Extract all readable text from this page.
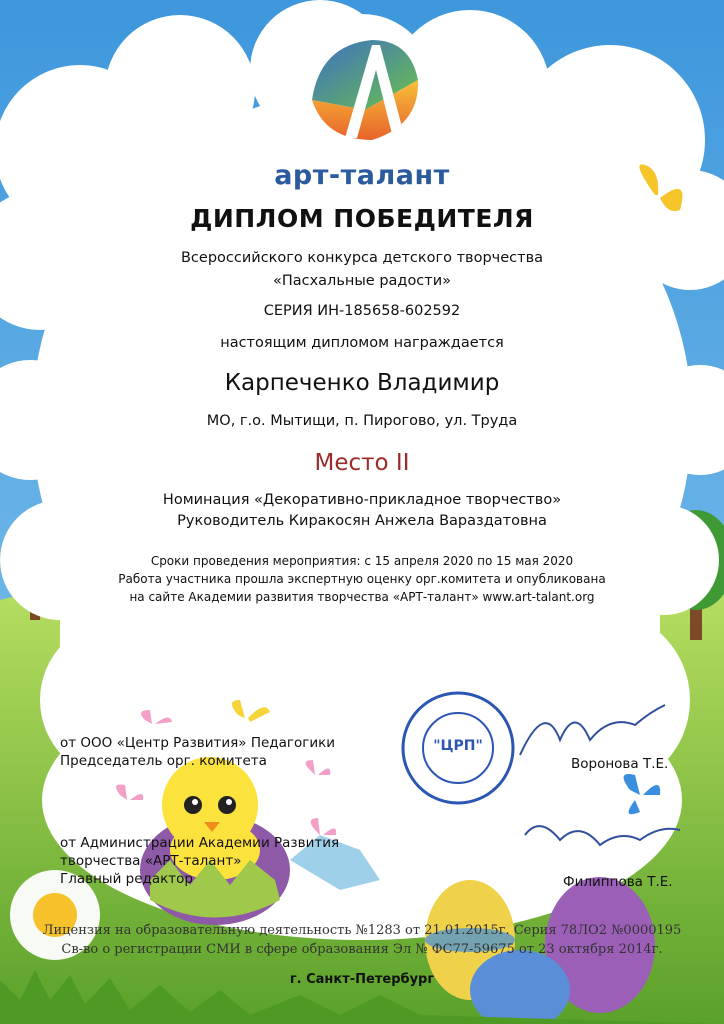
арт-талант
ДИПЛОМ ПОБЕДИТЕЛЯ
Всероссийского конкурса детского творчества
«Пасхальные радости»
СЕРИЯ ИН-185658-602592
настоящим дипломом награждается
Карпеченко Владимир
МО, г.о. Мытищи, п. Пирогово, ул. Труда
Место II
Номинация «Декоративно-прикладное творчество»
Руководитель Киракосян Анжела Вараздатовна
Сроки проведения мероприятия: с 15 апреля 2020 по 15 мая 2020
Работа участника прошла экспертную оценку орг.комитета и опубликована
на сайте Академии развития творчества «АРТ-талант» www.art-talant.org
от ООО «Центр Развития» Педагогики
Председатель орг. комитета	Воронова Т.Е.
"ЦРП"
от Администрации Академии Развития
творчества «АРТ-талант»
Главный редактор	Филиппова Т.Е.
Лицензия на образовательную деятельность №1283 от 21.01.2015г. Серия 78ЛО2 №0000195
Св-во о регистрации СМИ в сфере образования Эл № ФС77-59675 от 23 октября 2014г.
г. Санкт-Петербург
